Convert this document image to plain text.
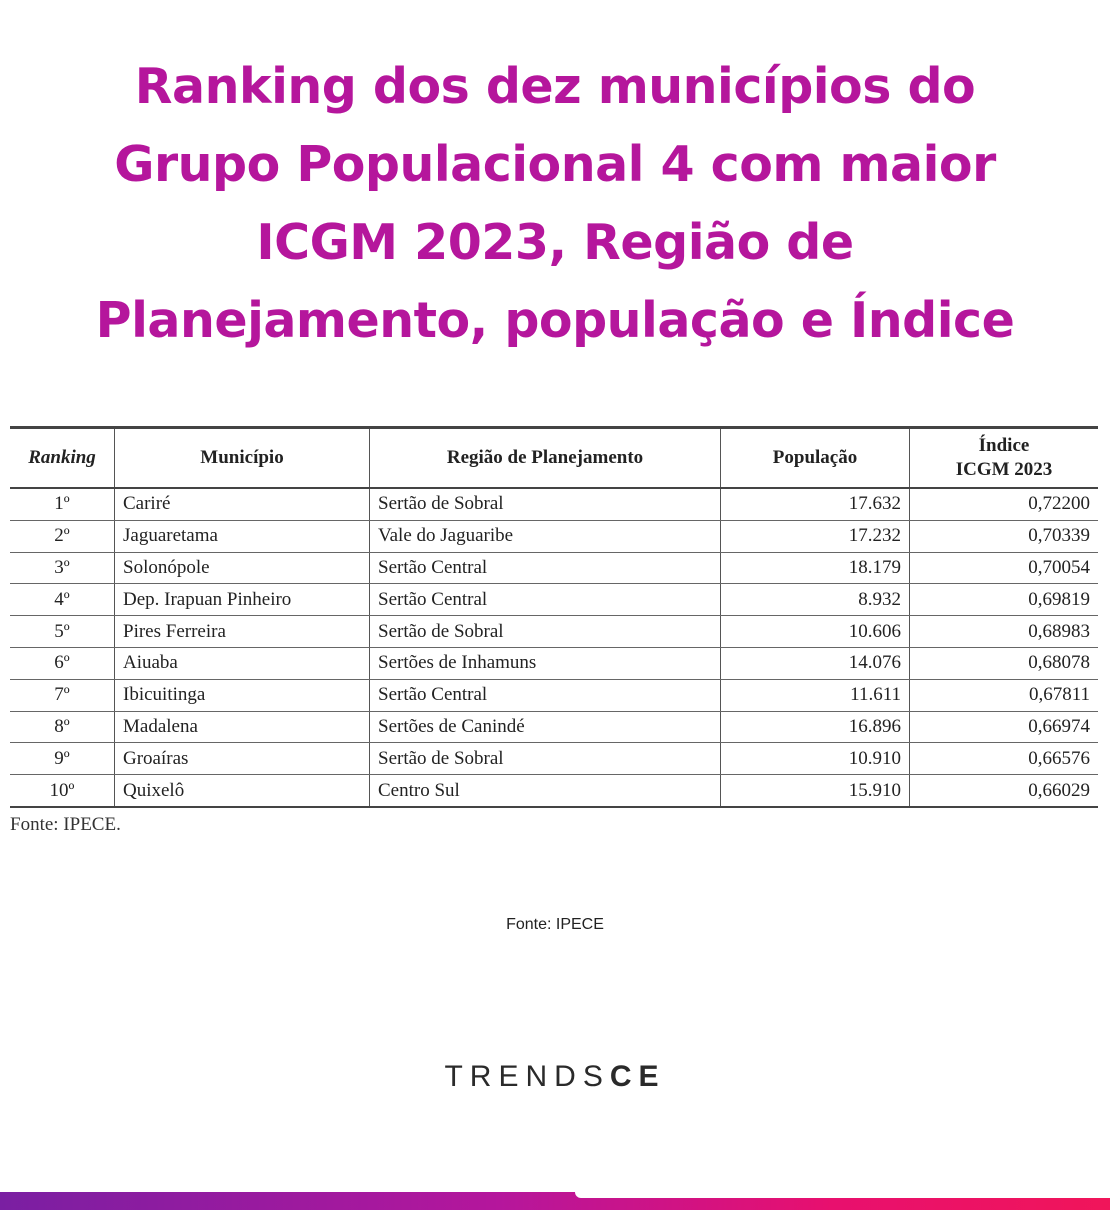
Ranking dos dez municípios do
Grupo Populacional 4 com maior
ICGM 2023, Região de
Planejamento, população e Índice
Ranking	Município	Região de Planejamento	População	Índice
ICGM 2023
1º	Cariré	Sertão de Sobral	17.632	0,72200
2º	Jaguaretama	Vale do Jaguaribe	17.232	0,70339
3º	Solonópole	Sertão Central	18.179	0,70054
4º	Dep. Irapuan Pinheiro	Sertão Central	8.932	0,69819
5º	Pires Ferreira	Sertão de Sobral	10.606	0,68983
6º	Aiuaba	Sertões de Inhamuns	14.076	0,68078
7º	Ibicuitinga	Sertão Central	11.611	0,67811
8º	Madalena	Sertões de Canindé	16.896	0,66974
9º	Groaíras	Sertão de Sobral	10.910	0,66576
10º	Quixelô	Centro Sul	15.910	0,66029
Fonte: IPECE.
Fonte: IPECE
TRENDSCE
